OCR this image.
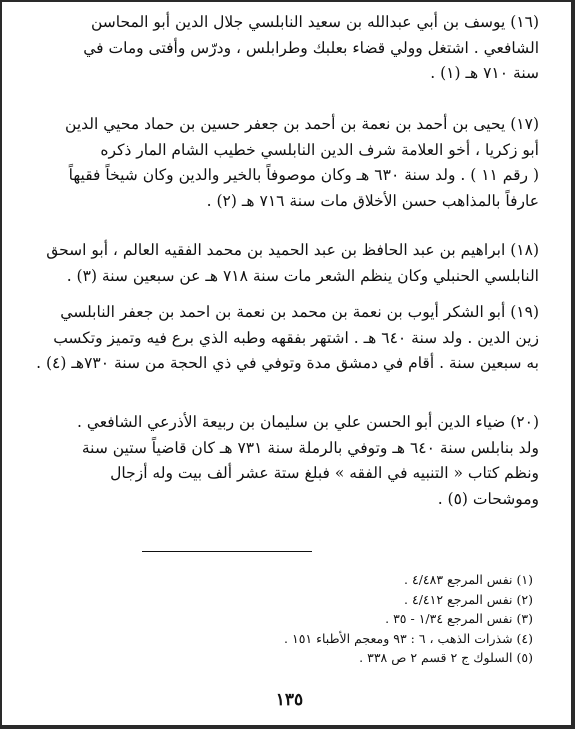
(١٦) يوسف بن أبي عبدالله بن سعيد النابلسي جلال الدين أبو المحاسن
الشافعي . اشتغل وولي قضاء بعلبك وطرابلس ، ودرّس وأفتى ومات في
سنة ٧١٠ هـ (١) .

(١٧) يحيى بن أحمد بن نعمة بن أحمد بن جعفر حسين بن حماد محيي الدين
أبو زكريا ، أخو العلامة شرف الدين النابلسي خطيب الشام المار ذكره
( رقم ١١ ) . ولد سنة ٦٣٠ هـ وكان موصوفاً بالخير والدين وكان شيخاً فقيهاً
عارفاً بالمذاهب حسن الأخلاق مات سنة ٧١٦ هـ (٢) .

(١٨) ابراهيم بن عبد الحافظ بن عبد الحميد بن محمد الفقيه العالم ، أبو اسحق
النابلسي الحنبلي وكان ينظم الشعر مات سنة ٧١٨ هـ عن سبعين سنة (٣) .

(١٩) أبو الشكر أيوب بن نعمة بن محمد بن نعمة بن احمد بن جعفر النابلسي
زين الدين . ولد سنة ٦٤٠ هـ . اشتهر بفقهه وطبه الذي برع فيه وتميز وتكسب
به سبعين سنة . أقام في دمشق مدة وتوفي في ذي الحجة من سنة ٧٣٠هـ (٤) .

(٢٠) ضياء الدين أبو الحسن علي بن سليمان بن ربيعة الأذرعي الشافعي .
ولد بنابلس سنة ٦٤٠ هـ وتوفي بالرملة سنة ٧٣١ هـ كان قاضياً ستين سنة
ونظم كتاب « التنبيه في الفقه » فبلغ ستة عشر ألف بيت وله أزجال
وموشحات (٥) .

(١) نفس المرجع ٤/٤٨٣ .
(٢) نفس المرجع ٤/٤١٢ .
(٣) نفس المرجع ١/٣٤ - ٣٥ .
(٤) شذرات الذهب ، ٦ : ٩٣ ومعجم الأطباء ١٥١ .
(٥) السلوك ج ٢ قسم ٢ ص ٣٣٨ .
١٣٥
